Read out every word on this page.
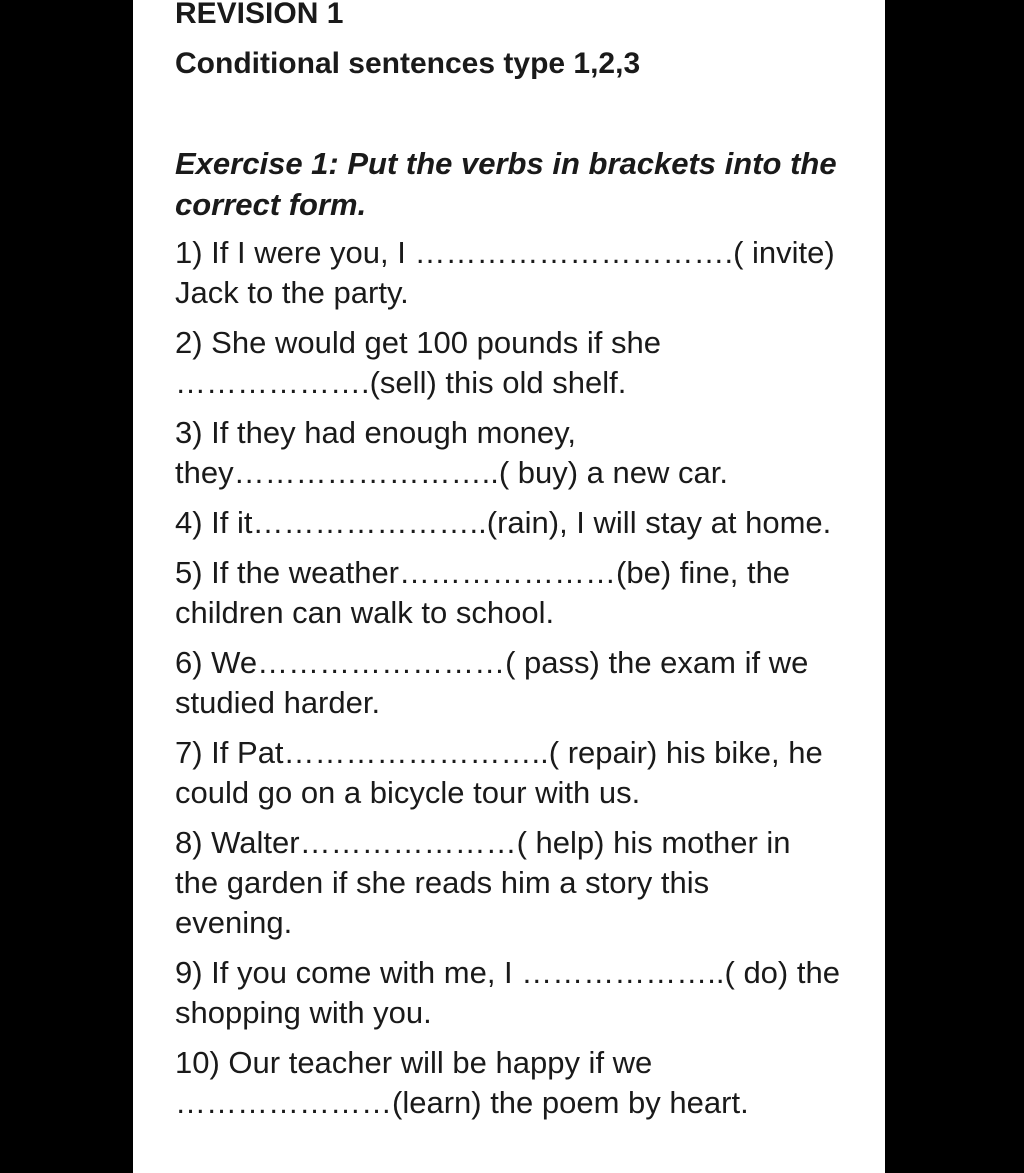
REVISION 1
Conditional sentences type 1,2,3
Exercise 1: Put the verbs in brackets into the correct form.
1) If I were you, I ………………………….( invite)
Jack to the party.
2) She would get 100 pounds if she
……………….(sell) this old shelf.
3) If they had enough money,
they……………………..( buy) a new car.
4) If it…………………..(rain), I will stay at home.
5) If the weather…………………(be) fine, the
children can walk to school.
6) We……………………( pass) the exam if we
studied harder.
7) If Pat……………………..( repair) his bike, he
could go on a bicycle tour with us.
8) Walter…………………( help) his mother in
the garden if she reads him a story this
evening.
9) If you come with me, I ………………..( do) the
shopping with you.
10) Our teacher will be happy if we
…………………(learn) the poem by heart.
